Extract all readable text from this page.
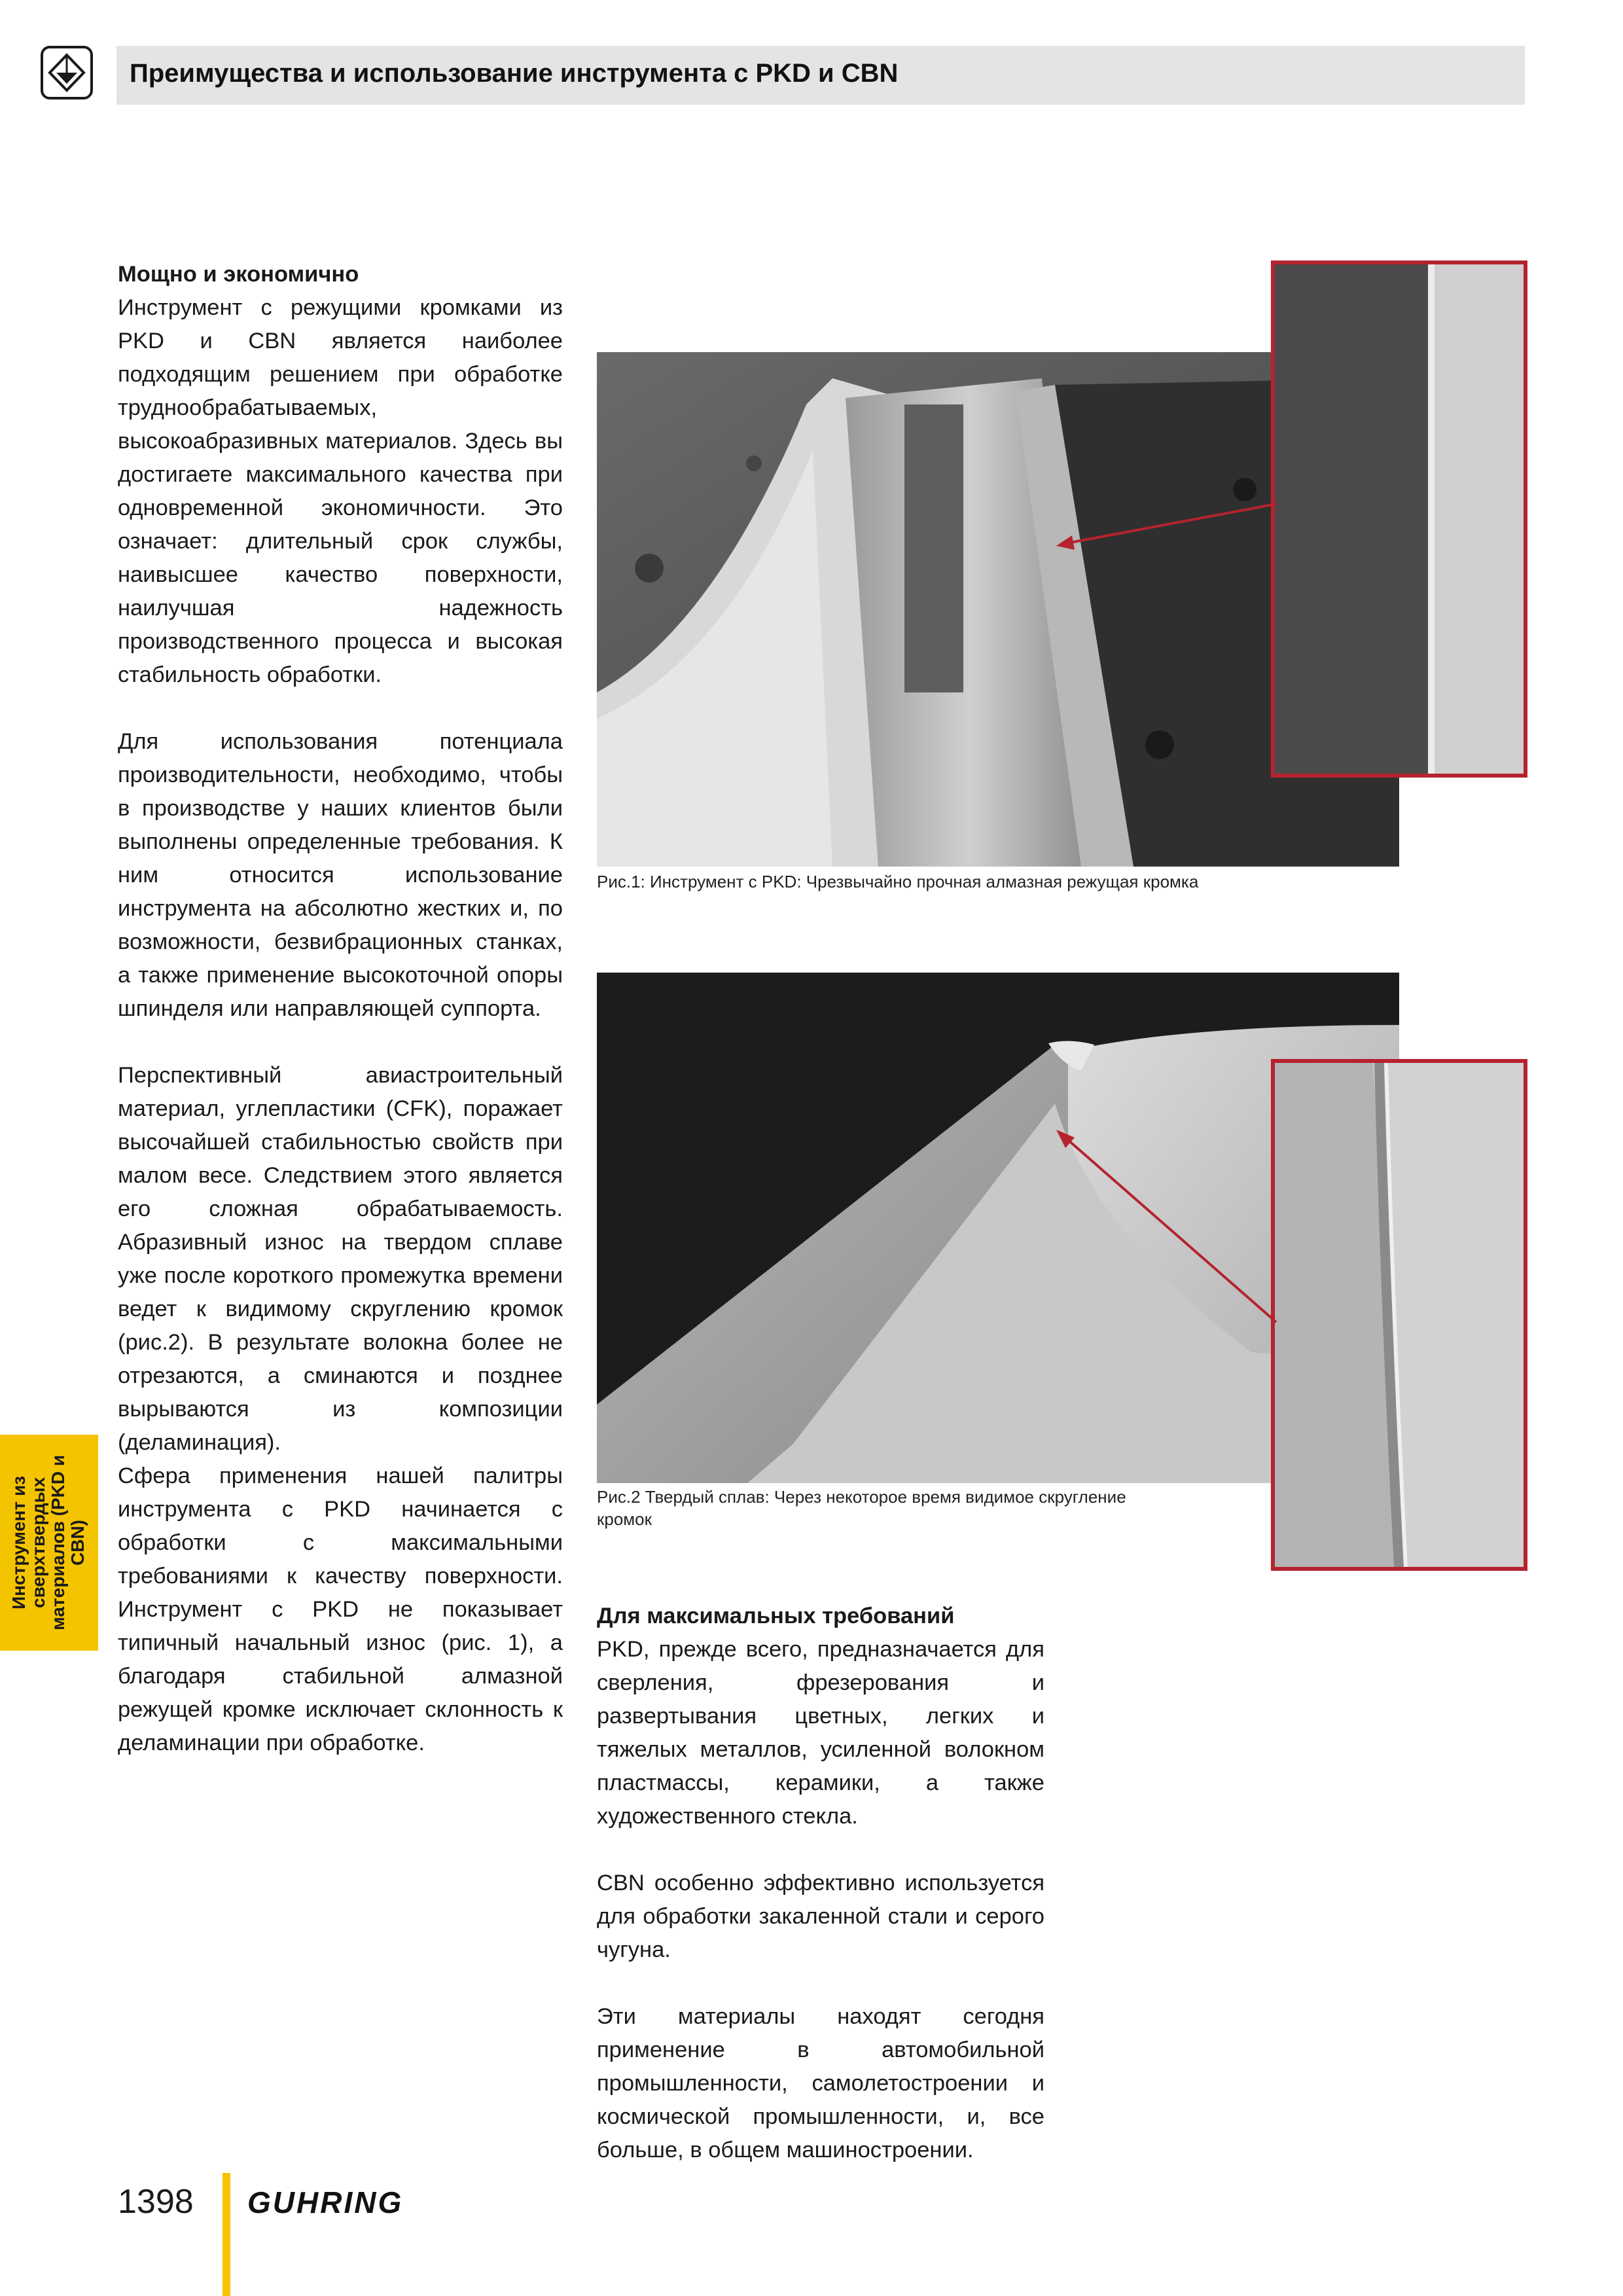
Преимущества и использование инструмента с PKD и CBN
Мощно и экономично

Инструмент с режущими кромками из PKD и CBN является наиболее подходящим решением при обработке труднообрабатываемых, высокоабразивных материалов. Здесь вы достигаете максимального качества при одновременной экономичности. Это означает: длительный срок службы, наивысшее качество поверхности, наилучшая надежность производственного процесса и высокая стабильность обработки.

Для использования потенциала производительности, необходимо, чтобы в производстве у наших клиентов были выполнены определенные требования. К ним относится использование инструмента на абсолютно жестких и, по возможности, безвибрационных станках, а также применение высокоточной опоры шпинделя или направляющей суппорта.

Перспективный авиастроительный материал, углепластики (CFK), поражает высочайшей стабильностью свойств при малом весе. Следствием этого является его сложная обрабатываемость. Абразивный износ на твердом сплаве уже после короткого промежутка времени ведет к видимому скруглению кромок (рис.2). В результате волокна более не отрезаются, а сминаются и позднее вырываются из композиции (деламинация).

Сфера применения нашей палитры инструмента с PKD начинается с обработки с максимальными требованиями к качеству поверхности. Инструмент с PKD не показывает типичный начальный износ (рис. 1), а благодаря стабильной алмазной режущей кромке исключает склонность к деламинации при обработке.

Рис.1: Инструмент с PKD: Чрезвычайно прочная алмазная режущая кромка
Рис.2 Твердый сплав: Через некоторое время видимое скругление кромок
Для максимальных требований

PKD, прежде всего, предназначается для сверления, фрезерования и развертывания цветных, легких и тяжелых металлов, усиленной волокном пластмассы, керамики, а также художественного стекла.

CBN особенно эффективно используется для обработки закаленной стали и серого чугуна.

Эти материалы находят сегодня применение в автомобильной промышленности, самолетостроении и космической промышленности, и, все больше, в общем машиностроении.

Инструмент из сверхтвердых материалов (PKD и CBN)
1398 GUHRING
